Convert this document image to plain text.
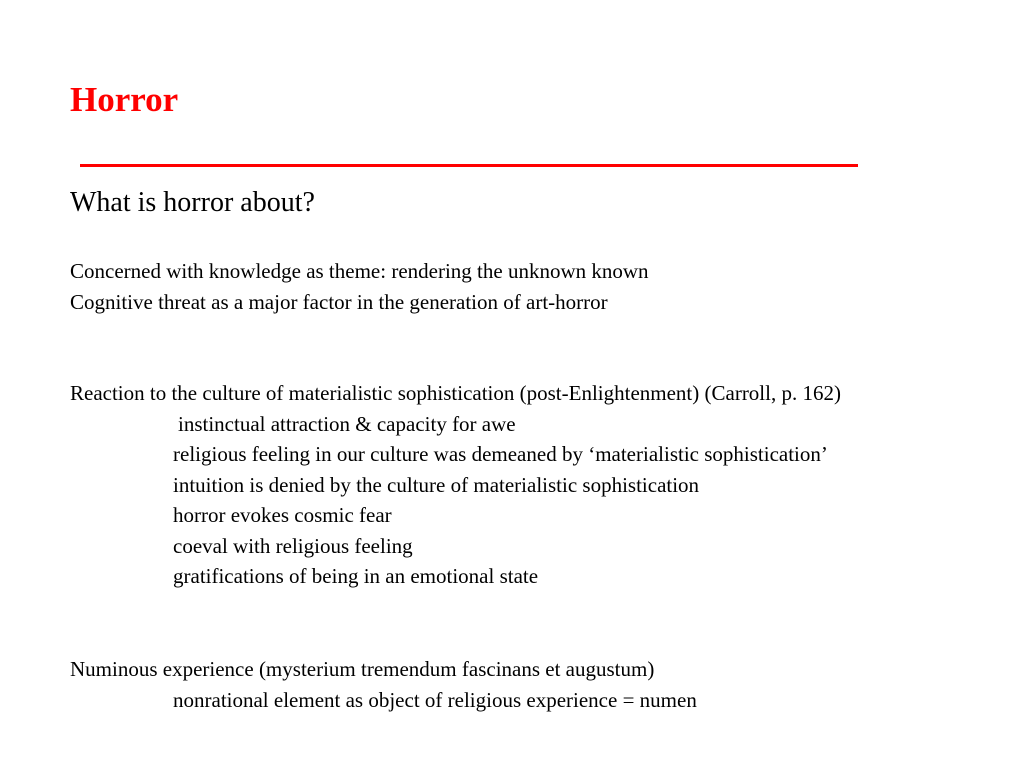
Horror
What is horror about?
Concerned with knowledge as theme: rendering the unknown known
Cognitive threat as a major factor in the generation of art-horror
Reaction to the culture of materialistic sophistication (post-Enlightenment) (Carroll, p. 162)
instinctual attraction & capacity for awe
religious feeling in our culture was demeaned by ‘materialistic sophistication’
intuition is denied by the culture of materialistic sophistication
horror evokes cosmic fear
coeval with religious feeling
gratifications of being in an emotional state
Numinous experience (mysterium tremendum fascinans et augustum)
nonrational element as object of religious experience = numen
